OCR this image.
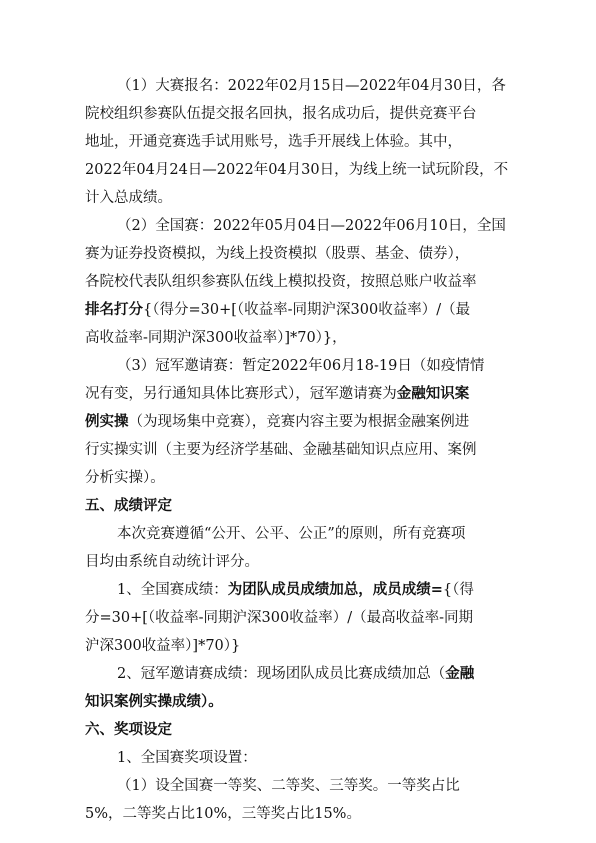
（1）大赛报名：2022年02月15日—2022年04月30日，各
院校组织参赛队伍提交报名回执，报名成功后，提供竞赛平台
地址，开通竞赛选手试用账号，选手开展线上体验。其中，
2022年04月24日—2022年04月30日，为线上统一试玩阶段，不
计入总成绩。
（2）全国赛：2022年05月04日—2022年06月10日，全国
赛为证券投资模拟，为线上投资模拟（股票、基金、债券），
各院校代表队组织参赛队伍线上模拟投资，按照总账户收益率
排名打分{（得分=30+[（收益率-同期沪深300收益率）/（最
高收益率-同期沪深300收益率）]*70）}，
（3）冠军邀请赛：暂定2022年06月18-19日（如疫情情
况有变，另行通知具体比赛形式），冠军邀请赛为金融知识案
例实操（为现场集中竞赛），竞赛内容主要为根据金融案例进
行实操实训（主要为经济学基础、金融基础知识点应用、案例
分析实操）。
五、成绩评定
本次竞赛遵循“公开、公平、公正”的原则，所有竞赛项
目均由系统自动统计评分。
1、全国赛成绩：为团队成员成绩加总，成员成绩={（得
分=30+[（收益率-同期沪深300收益率）/（最高收益率-同期
沪深300收益率）]*70）}
2、冠军邀请赛成绩：现场团队成员比赛成绩加总（金融
知识案例实操成绩）。
六、奖项设定
1、全国赛奖项设置：
（1）设全国赛一等奖、二等奖、三等奖。一等奖占比
5%，二等奖占比10%，三等奖占比15%。
